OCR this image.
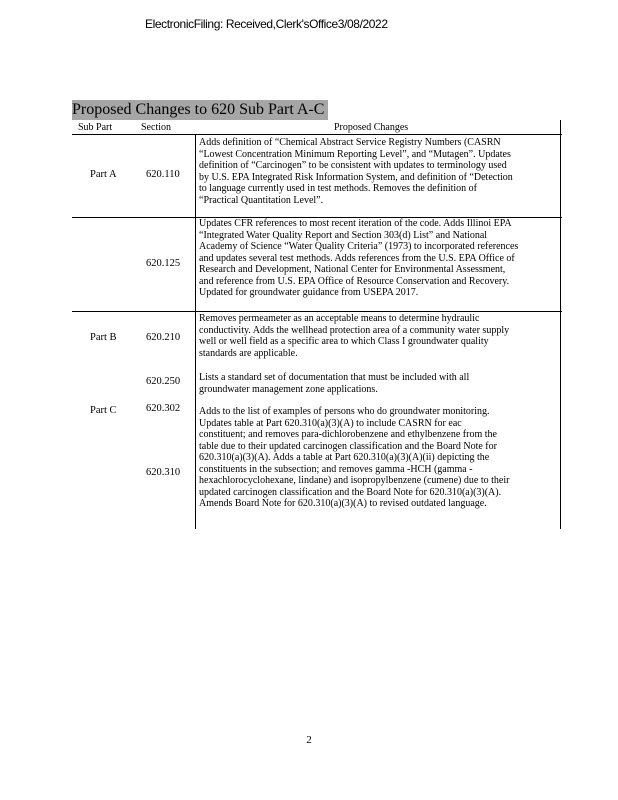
ElectronicFiling: Received,Clerk'sOffice3/08/2022
Proposed Changes to 620 Sub Part A-C
Sub Part	Section	Proposed Changes
Part A
Part B
Part C
620.110
620.125
620.210
620.250
620.302
620.310
Adds definition of “Chemical Abstract Service Registry Numbers (CASRN
“Lowest Concentration Minimum Reporting Level”, and “Mutagen”. Updates
definition of “Carcinogen” to be consistent with updates to terminology used
by U.S. EPA Integrated Risk Information System, and definition of “Detection
to language currently used in test methods. Removes the definition of
“Practical Quantitation Level”.
Updates CFR references to most recent iteration of the code. Adds Illinoi EPA
“Integrated Water Quality Report and Section 303(d) List” and National
Academy of Science “Water Quality Criteria” (1973) to incorporated references
and updates several test methods. Adds references from the U.S. EPA Office of
Research and Development, National Center for Environmental Assessment,
and reference from U.S. EPA Office of Resource Conservation and Recovery.
Updated for groundwater guidance from USEPA 2017.
Removes permeameter as an acceptable means to determine hydraulic
conductivity. Adds the wellhead protection area of a community water supply
well or well field as a specific area to which Class I groundwater quality
standards are applicable.
Lists a standard set of documentation that must be included with all
groundwater management zone applications.
Adds to the list of examples of persons who do groundwater monitoring.
Updates table at Part 620.310(a)(3)(A) to include CASRN for eac
constituent; and removes para-dichlorobenzene and ethylbenzene from the
table due to their updated carcinogen classification and the Board Note for
620.310(a)(3)(A). Adds a table at Part 620.310(a)(3)(A)(ii) depicting the
constituents in the subsection; and removes gamma -HCH (gamma -
hexachlorocyclohexane, lindane) and isopropylbenzene (cumene) due to their
updated carcinogen classification and the Board Note for 620.310(a)(3)(A).
Amends Board Note for 620.310(a)(3)(A) to revised outdated language.
2
